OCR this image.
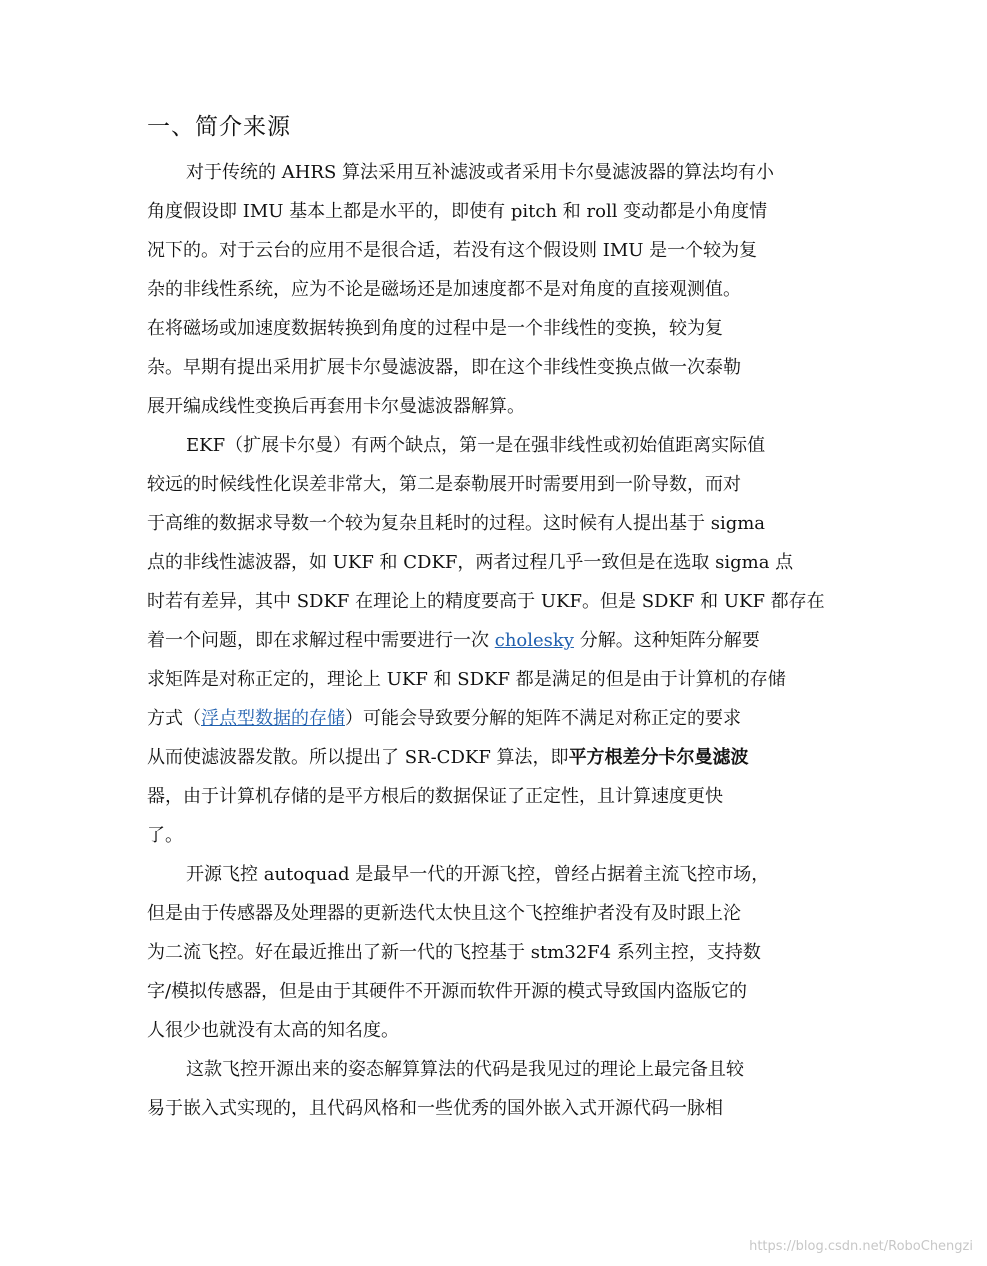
一、简介来源
对于传统的 AHRS 算法采用互补滤波或者采用卡尔曼滤波器的算法均有小
角度假设即 IMU 基本上都是水平的，即使有 pitch 和 roll 变动都是小角度情
况下的。对于云台的应用不是很合适，若没有这个假设则 IMU 是一个较为复
杂的非线性系统，应为不论是磁场还是加速度都不是对角度的直接观测值。
在将磁场或加速度数据转换到角度的过程中是一个非线性的变换，较为复
杂。早期有提出采用扩展卡尔曼滤波器，即在这个非线性变换点做一次泰勒
展开编成线性变换后再套用卡尔曼滤波器解算。
EKF（扩展卡尔曼）有两个缺点，第一是在强非线性或初始值距离实际值
较远的时候线性化误差非常大，第二是泰勒展开时需要用到一阶导数，而对
于高维的数据求导数一个较为复杂且耗时的过程。这时候有人提出基于 sigma
点的非线性滤波器，如 UKF 和 CDKF，两者过程几乎一致但是在选取 sigma 点
时若有差异，其中 SDKF 在理论上的精度要高于 UKF。但是 SDKF 和 UKF 都存在
着一个问题，即在求解过程中需要进行一次 cholesky 分解。这种矩阵分解要
求矩阵是对称正定的，理论上 UKF 和 SDKF 都是满足的但是由于计算机的存储
方式（浮点型数据的存储）可能会导致要分解的矩阵不满足对称正定的要求
从而使滤波器发散。所以提出了 SR-CDKF 算法，即平方根差分卡尔曼滤波
器，由于计算机存储的是平方根后的数据保证了正定性，且计算速度更快
了。
开源飞控 autoquad 是最早一代的开源飞控，曾经占据着主流飞控市场，
但是由于传感器及处理器的更新迭代太快且这个飞控维护者没有及时跟上沦
为二流飞控。好在最近推出了新一代的飞控基于 stm32F4 系列主控，支持数
字/模拟传感器，但是由于其硬件不开源而软件开源的模式导致国内盗版它的
人很少也就没有太高的知名度。
这款飞控开源出来的姿态解算算法的代码是我见过的理论上最完备且较
易于嵌入式实现的，且代码风格和一些优秀的国外嵌入式开源代码一脉相
https://blog.csdn.net/RoboChengzi
